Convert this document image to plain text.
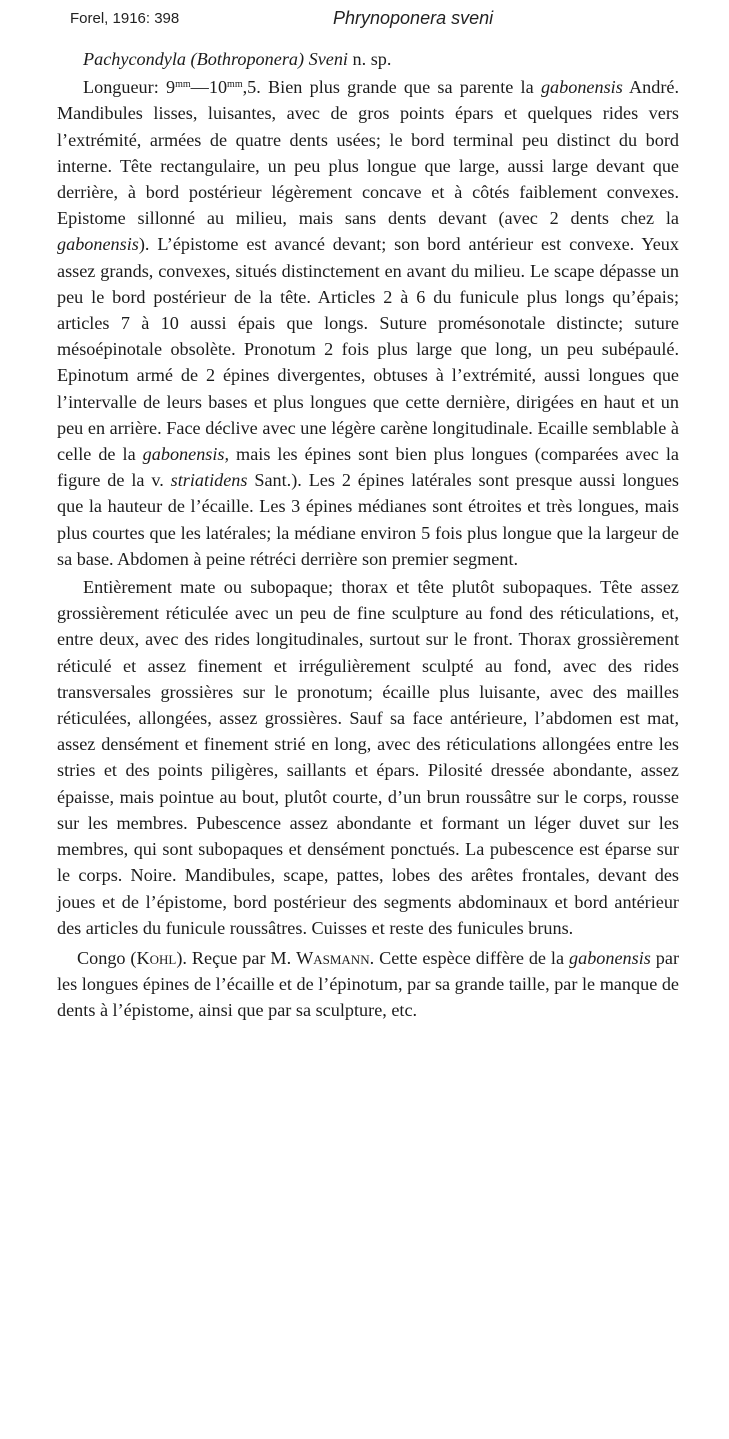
Forel, 1916: 398	Phrynoponera sveni

Pachycondyla (Bothroponera) Sveni n. sp.

Longueur: $9^{mm}—10^{mm},5$. Bien plus grande que sa parente la gabonensis André. Mandibules lisses, luisantes, avec de gros points épars et quelques rides vers l’extrémité, armées de quatre dents usées; le bord terminal peu distinct du bord interne. Tête rectangulaire, un peu plus longue que large, aussi large devant que derrière, à bord postérieur légèrement concave et à côtés faiblement convexes. Epistome sillonné au milieu, mais sans dents devant (avec 2 dents chez la gabonensis). L’épistome est avancé devant; son bord antérieur est convexe. Yeux assez grands, convexes, situés distinctement en avant du milieu. Le scape dépasse un peu le bord postérieur de la tête. Articles 2 à 6 du funicule plus longs qu’épais; articles 7 à 10 aussi épais que longs. Suture promésonotale distincte; suture mésoépinotale obsolète. Pronotum 2 fois plus large que long, un peu subépaulé. Epinotum armé de 2 épines divergentes, obtuses à l’extrémité, aussi longues que l’intervalle de leurs bases et plus longues que cette dernière, dirigées en haut et un peu en arrière. Face déclive avec une légère carène longitudinale. Ecaille semblable à celle de la gabonensis, mais les épines sont bien plus longues (comparées avec la figure de la v. striatidens Sant.). Les 2 épines latérales sont presque aussi longues que la hauteur de l’écaille. Les 3 épines médianes sont étroites et très longues, mais plus courtes que les latérales; la médiane environ 5 fois plus longue que la largeur de sa base. Abdomen à peine rétréci derrière son premier segment.

Entièrement mate ou subopaque; thorax et tête plutôt subopaques. Tête assez grossièrement réticulée avec un peu de fine sculpture au fond des réticulations, et, entre deux, avec des rides longitudinales, surtout sur le front. Thorax grossièrement réticulé et assez finement et irrégulièrement sculpté au fond, avec des rides transversales grossières sur le pronotum; écaille plus luisante, avec des mailles réticulées, allongées, assez grossières. Sauf sa face antérieure, l’abdomen est mat, assez densément et finement strié en long, avec des réticulations allongées entre les stries et des points piligères, saillants et épars. Pilosité dressée abondante, assez épaisse, mais pointue au bout, plutôt courte, d’un brun roussâtre sur le corps, rousse sur les membres. Pubescence assez abondante et formant un léger duvet sur les membres, qui sont subopaques et densément ponctués. La pubescence est éparse sur le corps. Noire. Mandibules, scape, pattes, lobes des arêtes frontales, devant des joues et de l’épistome, bord postérieur des segments abdominaux et bord antérieur des articles du funicule roussâtres. Cuisses et reste des funicules bruns.

Congo (Kohl). Reçue par M. Wasmann. Cette espèce diffère de la gabonensis par les longues épines de l’écaille et de l’épinotum, par sa grande taille, par le manque de dents à l’épistome, ainsi que par sa sculpture, etc.
